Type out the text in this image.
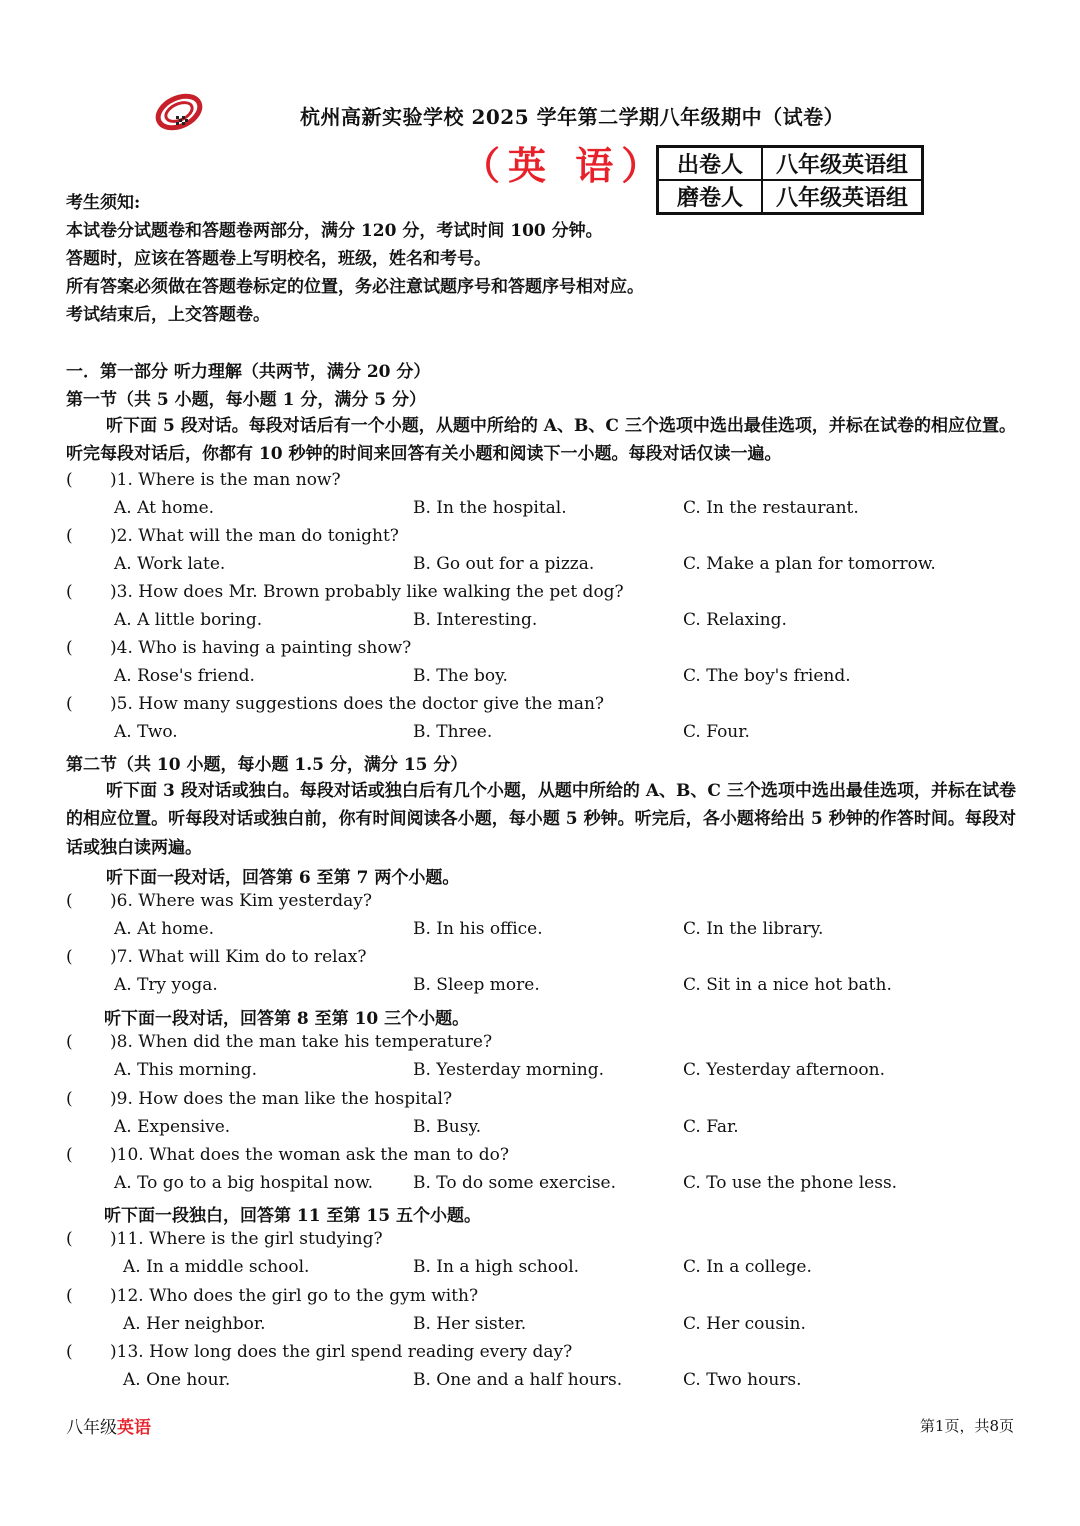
杭州高新实验学校 2025 学年第二学期八年级期中（试卷）
（英 语） 出卷人	八年级英语组
磨卷人	八年级英语组
考生须知:
本试卷分试题卷和答题卷两部分，满分 120 分，考试时间 100 分钟。
答题时，应该在答题卷上写明校名，班级，姓名和考号。
所有答案必须做在答题卷标定的位置，务必注意试题序号和答题序号相对应。
考试结束后，上交答题卷。
一．第一部分 听力理解（共两节，满分 20 分）
第一节（共 5 小题，每小题 1 分，满分 5 分）
听下面 5 段对话。每段对话后有一个小题，从题中所给的 A、B、C 三个选项中选出最佳选项，并标在试卷的相应位置。听完每段对话后，你都有 10 秒钟的时间来回答有关小题和阅读下一小题。每段对话仅读一遍。
( )1. Where is the man now?
A. At home.	B. In the hospital.	C. In the restaurant.
( )2. What will the man do tonight?
A. Work late.	B. Go out for a pizza.	C. Make a plan for tomorrow.
( )3. How does Mr. Brown probably like walking the pet dog?
A. A little boring.	B. Interesting.	C. Relaxing.
( )4. Who is having a painting show?
A. Rose's friend.	B. The boy.	C. The boy's friend.
( )5. How many suggestions does the doctor give the man?
A. Two.	B. Three.	C. Four.
第二节（共 10 小题，每小题 1.5 分，满分 15 分）
听下面 3 段对话或独白。每段对话或独白后有几个小题，从题中所给的 A、B、C 三个选项中选出最佳选项，并标在试卷的相应位置。听每段对话或独白前，你有时间阅读各小题，每小题 5 秒钟。听完后，各小题将给出 5 秒钟的作答时间。每段对话或独白读两遍。
听下面一段对话，回答第 6 至第 7 两个小题。
( )6. Where was Kim yesterday?
A. At home.	B. In his office.	C. In the library.
( )7. What will Kim do to relax?
A. Try yoga.	B. Sleep more.	C. Sit in a nice hot bath.
听下面一段对话，回答第 8 至第 10 三个小题。
( )8. When did the man take his temperature?
A. This morning.	B. Yesterday morning.	C. Yesterday afternoon.
( )9. How does the man like the hospital?
A. Expensive.	B. Busy.	C. Far.
( )10. What does the woman ask the man to do?
A. To go to a big hospital now. B. To do some exercise.	C. To use the phone less.
听下面一段独白，回答第 11 至第 15 五个小题。
( )11. Where is the girl studying?
A. In a middle school.	B. In a high school.	C. In a college.
( )12. Who does the girl go to the gym with?
A. Her neighbor.	B. Her sister.	C. Her cousin.
( )13. How long does the girl spend reading every day?
A. One hour.	B. One and a half hours.	C. Two hours.
八年级英语	第1页，共8页
